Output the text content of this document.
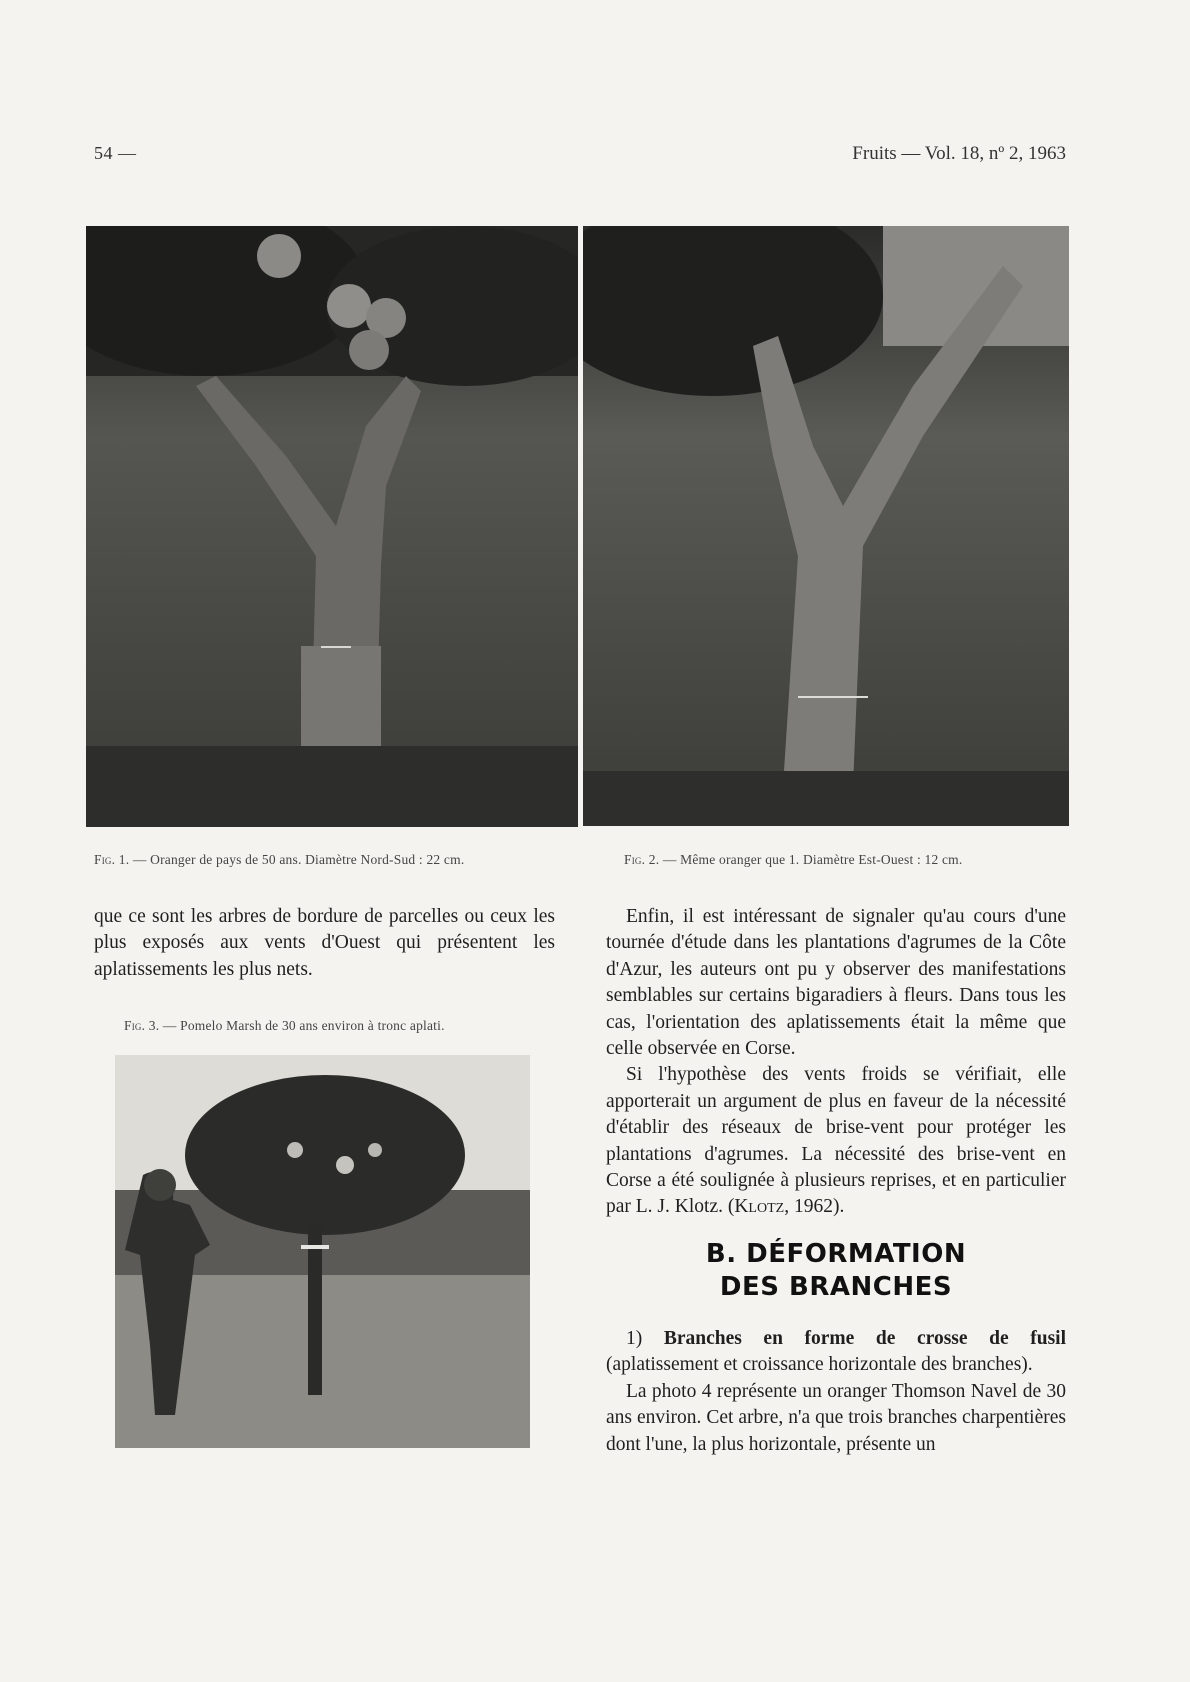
54 —	Fruits — Vol. 18, nº 2, 1963
Fig. 1. — Oranger de pays de 50 ans. Diamètre Nord-Sud : 22 cm.	Fig. 2. — Même oranger que 1. Diamètre Est-Ouest : 12 cm.

que ce sont les arbres de bordure de parcelles ou ceux les plus exposés aux vents d'Ouest qui présentent les aplatissements les plus nets.

Fig. 3. — Pomelo Marsh de 30 ans environ à tronc aplati.

Enfin, il est intéressant de signaler qu'au cours d'une tournée d'étude dans les plantations d'agrumes de la Côte d'Azur, les auteurs ont pu y observer des manifestations semblables sur certains bigaradiers à fleurs. Dans tous les cas, l'orientation des aplatissements était la même que celle observée en Corse.

Si l'hypothèse des vents froids se vérifiait, elle apporterait un argument de plus en faveur de la nécessité d'établir des réseaux de brise-vent pour protéger les plantations d'agrumes. La nécessité des brise-vent en Corse a été soulignée à plusieurs reprises, et en particulier par L. J. Klotz. (Klotz, 1962).

B. DÉFORMATION
DES BRANCHES

1) Branches en forme de crosse de fusil (aplatissement et croissance horizontale des branches).

La photo 4 représente un oranger Thomson Navel de 30 ans environ. Cet arbre, n'a que trois branches charpentières dont l'une, la plus horizontale, présente un
